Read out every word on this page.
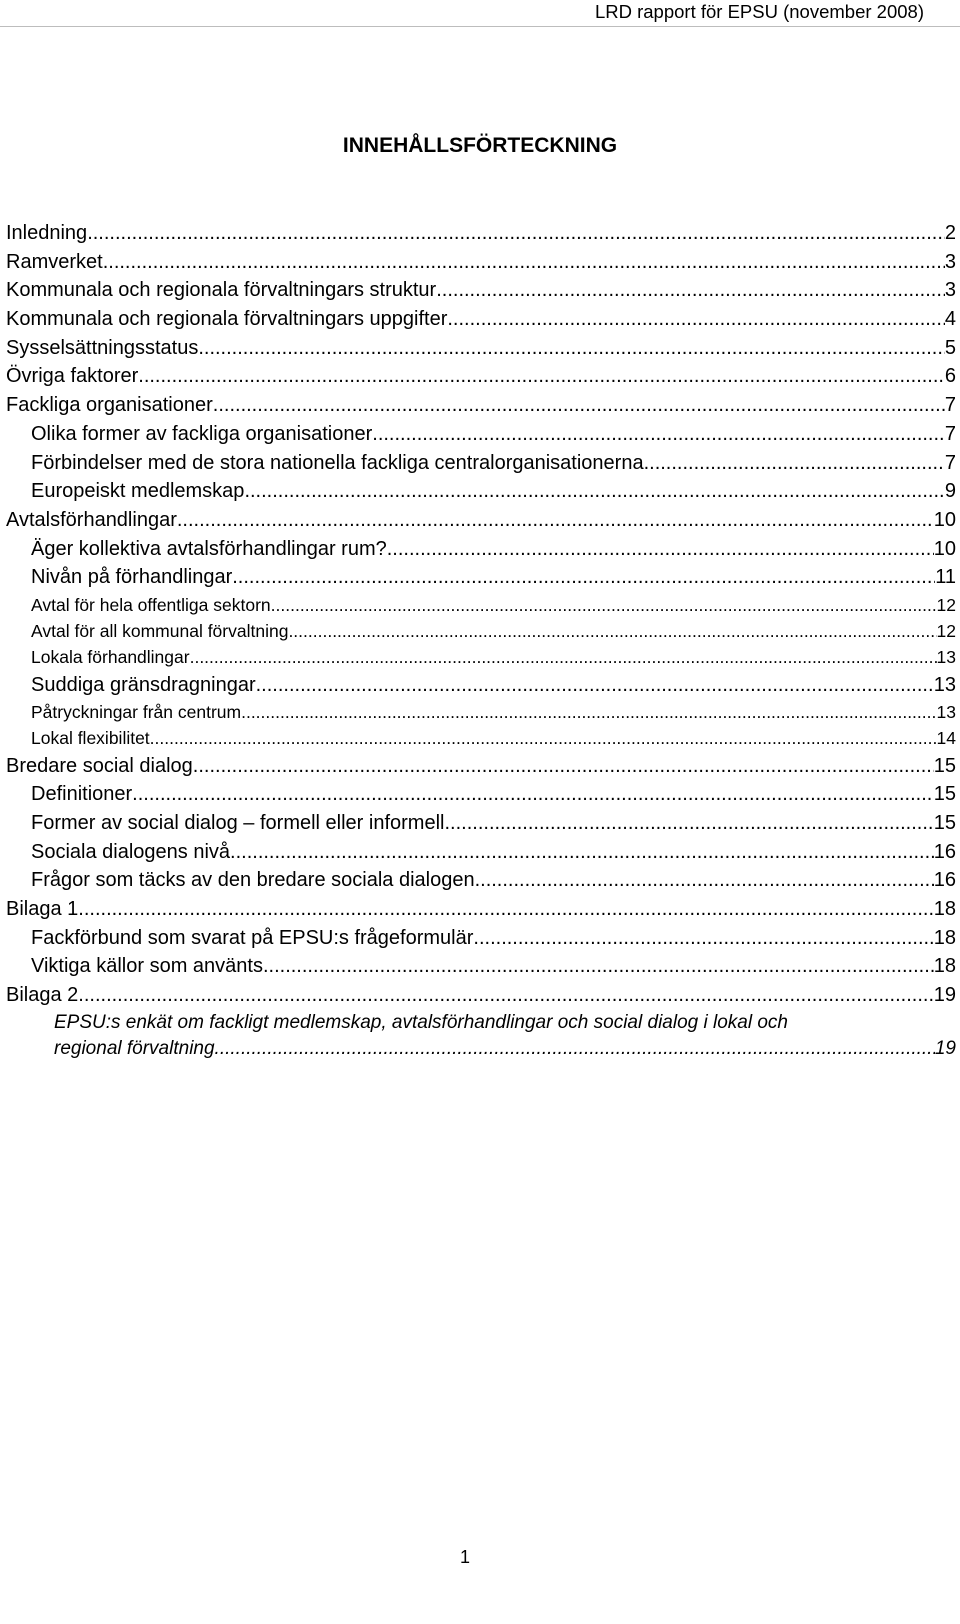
LRD rapport för EPSU (november 2008)
INNEHÅLLSFÖRTECKNING
Inledning .....	2
Ramverket .....	3
Kommunala och regionala förvaltningars struktur .....	3
Kommunala och regionala förvaltningars uppgifter .....	4
Sysselsättningsstatus .....	5
Övriga faktorer .....	6
Fackliga organisationer .....	7
Olika former av fackliga organisationer .....	7
Förbindelser med de stora nationella fackliga centralorganisationerna .....	7
Europeiskt medlemskap .....	9
Avtalsförhandlingar .....	10
Äger kollektiva avtalsförhandlingar rum? .....	10
Nivån på förhandlingar .....	11
Avtal för hela offentliga sektorn .....	12
Avtal för all kommunal förvaltning .....	12
Lokala förhandlingar .....	13
Suddiga gränsdragningar .....	13
Påtryckningar från centrum .....	13
Lokal flexibilitet .....	14
Bredare social dialog .....	15
Definitioner .....	15
Former av social dialog – formell eller informell .....	15
Sociala dialogens nivå .....	16
Frågor som täcks av den bredare sociala dialogen .....	16
Bilaga 1 .....	18
Fackförbund som svarat på EPSU:s frågeformulär .....	18
Viktiga källor som använts .....	18
Bilaga 2 .....	19
EPSU:s enkät om fackligt medlemskap, avtalsförhandlingar och social dialog i lokal och
regional förvaltning .....	19
1
